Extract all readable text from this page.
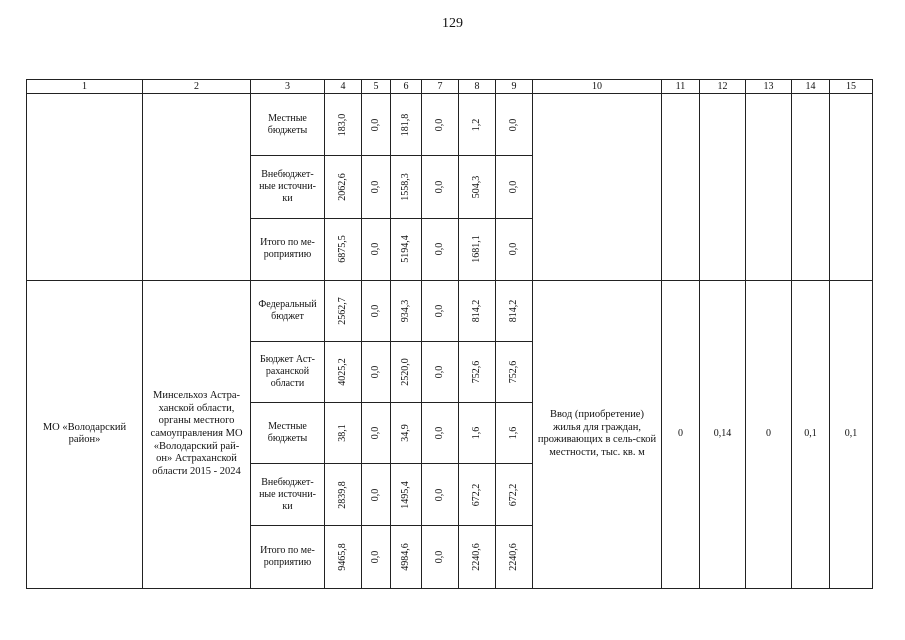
129
1	2	3	4	5	6	7	8	9	10	11	12	13	14	15
		Местные бюджеты	183,0	0,0	181,8	0,0	1,2	0,0						

		Внебюджет-ные источни-ки	2062,6	0,0	1558,3	0,0	504,3	0,0						

		Итого по ме-роприятию	6875,5	0,0	5194,4	0,0	1681,1	0,0						

МО «Володарский район»	Минсельхоз Астра-ханской области, органы местного самоуправления МО «Володарский рай-он» Астраханской области 2015 - 2024	Федеральный бюджет	2562,7	0,0	934,3	0,0	814,2	814,2	Ввод (приобретение) жилья для граждан, проживающих в сель-ской местности, тыс. кв. м	0	0,14	0	0,1	0,1
		Бюджет Аст-раханской области	4025,2	0,0	2520,0	0,0	752,6	752,6						

		Местные бюджеты	38,1	0,0	34,9	0,0	1,6	1,6						

		Внебюджет-ные источни-ки	2839,8	0,0	1495,4	0,0	672,2	672,2						

		Итого по ме-роприятию	9465,8	0,0	4984,6	0,0	2240,6	2240,6						
